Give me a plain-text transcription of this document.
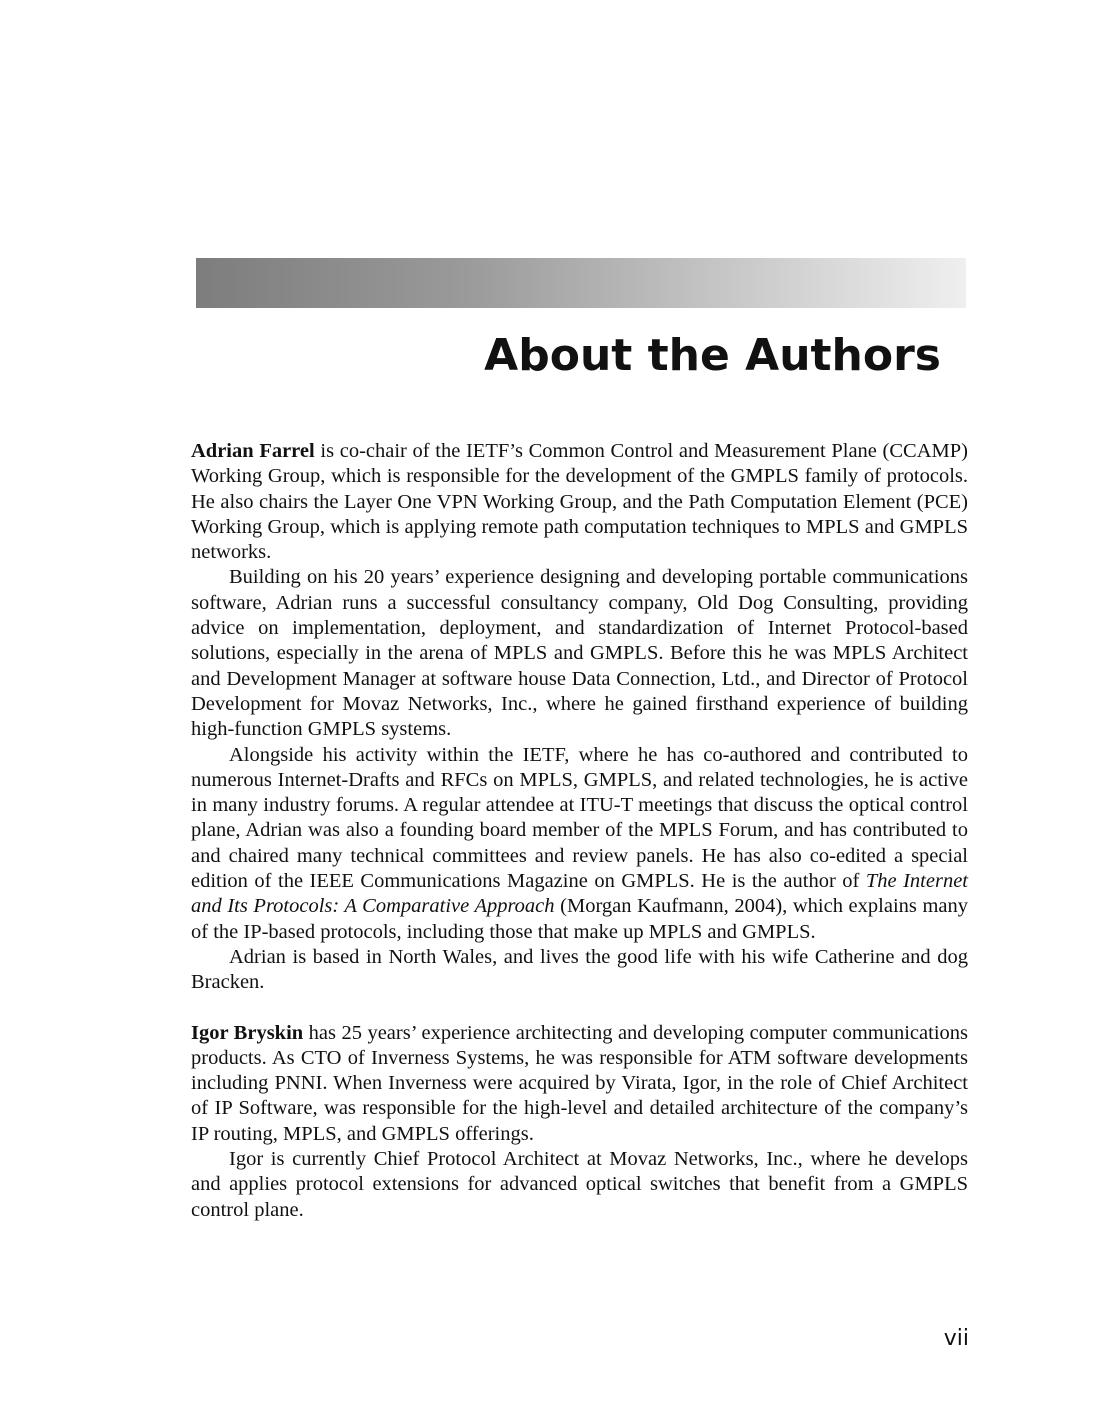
About the Authors

Adrian Farrel is co-chair of the IETF’s Common Control and Measurement Plane (CCAMP) Working Group, which is responsible for the development of the GMPLS family of protocols. He also chairs the Layer One VPN Working Group, and the Path Computation Element (PCE) Working Group, which is applying remote path computation techniques to MPLS and GMPLS networks.

Building on his 20 years’ experience designing and developing portable communications software, Adrian runs a successful consultancy company, Old Dog Consulting, providing advice on implementation, deployment, and standardization of Internet Protocol-based solutions, especially in the arena of MPLS and GMPLS. Before this he was MPLS Architect and Development Manager at software house Data Connection, Ltd., and Director of Protocol Development for Movaz Networks, Inc., where he gained firsthand experience of building high-function GMPLS systems.

Alongside his activity within the IETF, where he has co-authored and contributed to numerous Internet-Drafts and RFCs on MPLS, GMPLS, and related technologies, he is active in many industry forums. A regular attendee at ITU-T meetings that discuss the optical control plane, Adrian was also a founding board member of the MPLS Forum, and has contributed to and chaired many technical committees and review panels. He has also co-edited a special edition of the IEEE Communications Magazine on GMPLS. He is the author of The Internet and Its Protocols: A Comparative Approach (Morgan Kaufmann, 2004), which explains many of the IP-based protocols, including those that make up MPLS and GMPLS.

Adrian is based in North Wales, and lives the good life with his wife Catherine and dog Bracken.

Igor Bryskin has 25 years’ experience architecting and developing computer communications products. As CTO of Inverness Systems, he was responsible for ATM software developments including PNNI. When Inverness were acquired by Virata, Igor, in the role of Chief Architect of IP Software, was responsible for the high-level and detailed architecture of the company’s IP routing, MPLS, and GMPLS offerings.

Igor is currently Chief Protocol Architect at Movaz Networks, Inc., where he develops and applies protocol extensions for advanced optical switches that benefit from a GMPLS control plane.

vii
